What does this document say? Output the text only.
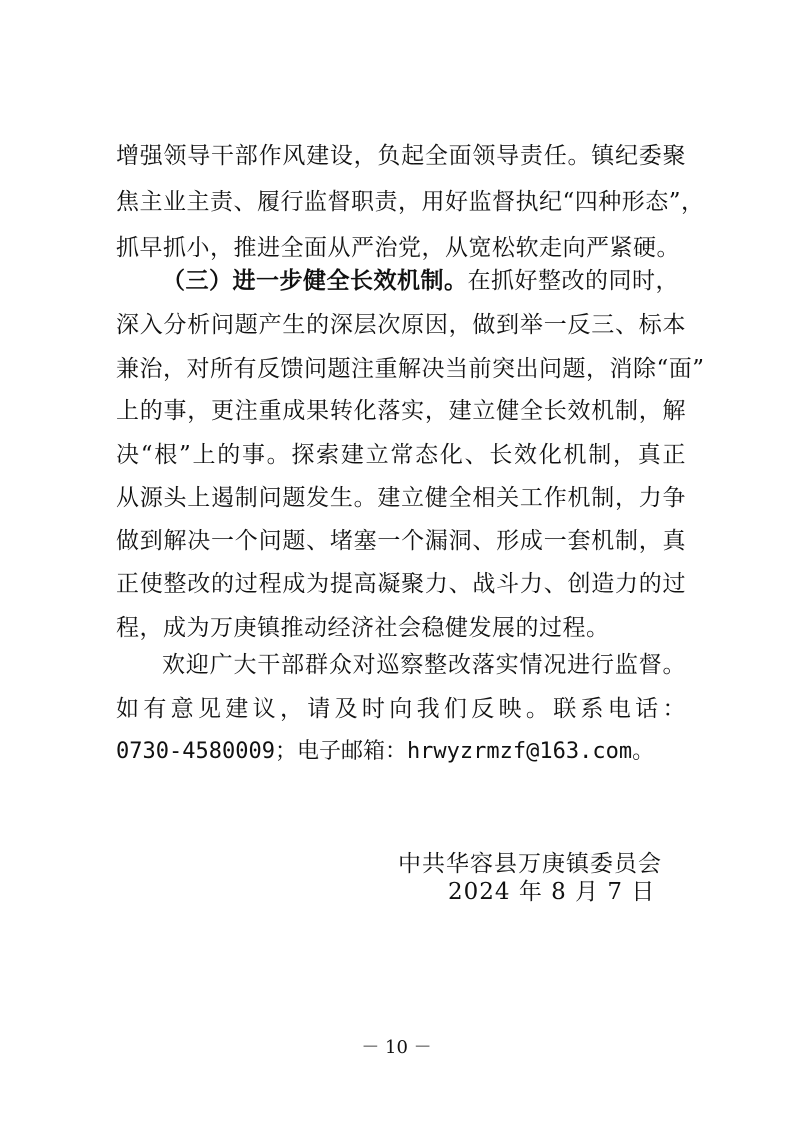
增强领导干部作风建设，负起全面领导责任。镇纪委聚
焦主业主责、履行监督职责，用好监督执纪“四种形态”，
抓早抓小，推进全面从严治党，从宽松软走向严紧硬。
（三）进一步健全长效机制。在抓好整改的同时，
深入分析问题产生的深层次原因，做到举一反三、标本
兼治，对所有反馈问题注重解决当前突出问题，消除“面”
上的事，更注重成果转化落实，建立健全长效机制，解
决“根”上的事。探索建立常态化、长效化机制，真正
从源头上遏制问题发生。建立健全相关工作机制，力争
做到解决一个问题、堵塞一个漏洞、形成一套机制，真
正使整改的过程成为提高凝聚力、战斗力、创造力的过
程，成为万庚镇推动经济社会稳健发展的过程。
欢迎广大干部群众对巡察整改落实情况进行监督。
如有意见建议，请及时向我们反映。联系电话：
0730-4580009；电子邮箱：hrwyzrmzf@163.com。
中共华容县万庚镇委员会
2024 年 8 月 7 日
－ 10 －
